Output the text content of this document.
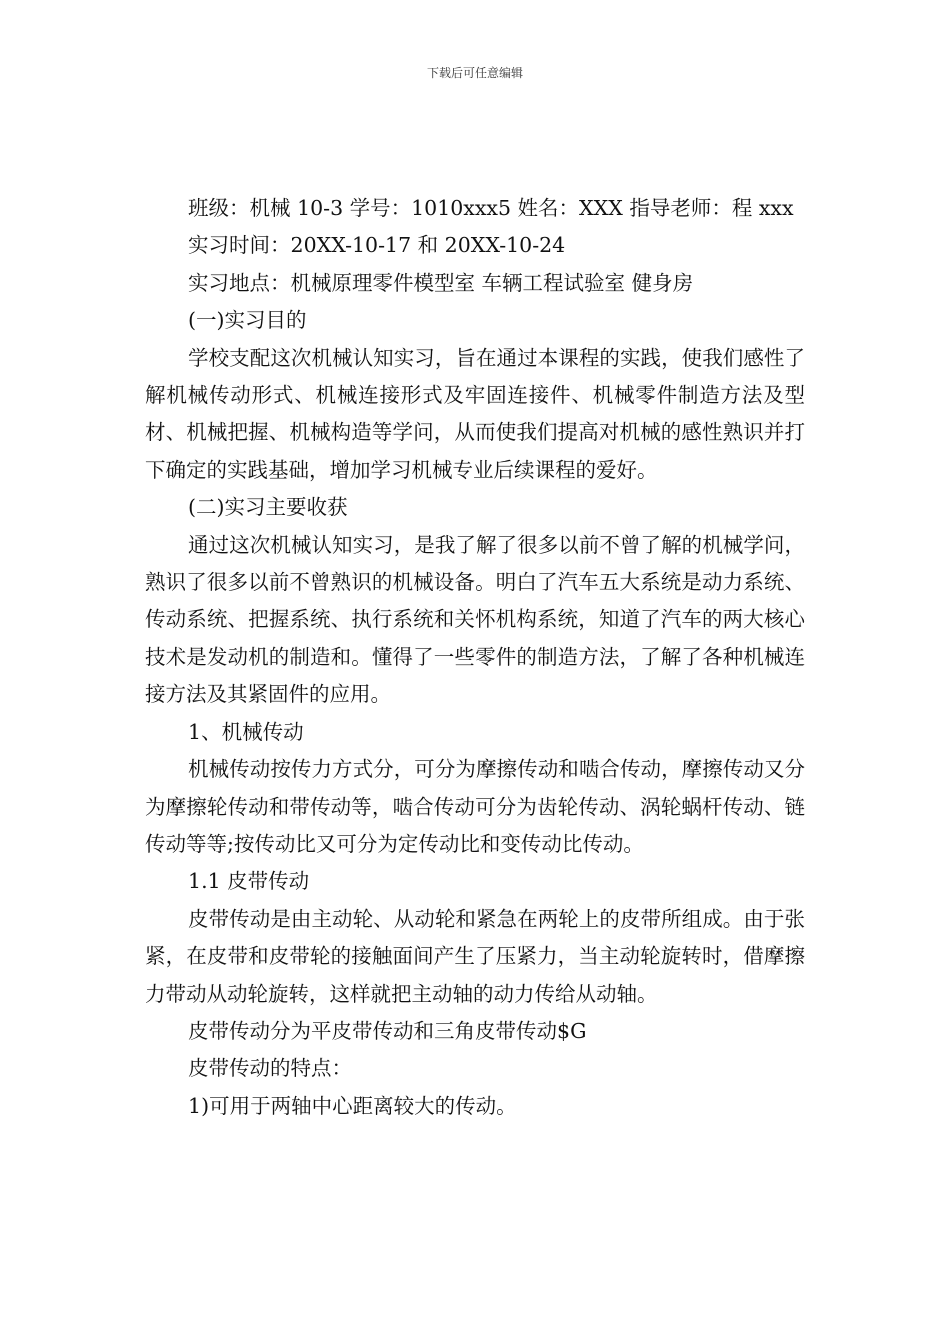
下载后可任意编辑

班级：机械 10-3 学号：1010xxx5 姓名：XXX 指导老师：程 xxx

实习时间：20XX-10-17 和 20XX-10-24

实习地点：机械原理零件模型室 车辆工程试验室 健身房

(一)实习目的

学校支配这次机械认知实习，旨在通过本课程的实践，使我们感性了解机械传动形式、机械连接形式及牢固连接件、机械零件制造方法及型材、机械把握、机械构造等学问，从而使我们提高对机械的感性熟识并打下确定的实践基础，增加学习机械专业后续课程的爱好。

(二)实习主要收获

通过这次机械认知实习，是我了解了很多以前不曾了解的机械学问，熟识了很多以前不曾熟识的机械设备。明白了汽车五大系统是动力系统、传动系统、把握系统、执行系统和关怀机构系统，知道了汽车的两大核心技术是发动机的制造和。懂得了一些零件的制造方法，了解了各种机械连接方法及其紧固件的应用。

1、机械传动

机械传动按传力方式分，可分为摩擦传动和啮合传动，摩擦传动又分为摩擦轮传动和带传动等，啮合传动可分为齿轮传动、涡轮蜗杆传动、链传动等等;按传动比又可分为定传动比和变传动比传动。

1.1 皮带传动

皮带传动是由主动轮、从动轮和紧急在两轮上的皮带所组成。由于张紧，在皮带和皮带轮的接触面间产生了压紧力，当主动轮旋转时，借摩擦力带动从动轮旋转，这样就把主动轴的动力传给从动轴。

皮带传动分为平皮带传动和三角皮带传动$G

皮带传动的特点：

1)可用于两轴中心距离较大的传动。
